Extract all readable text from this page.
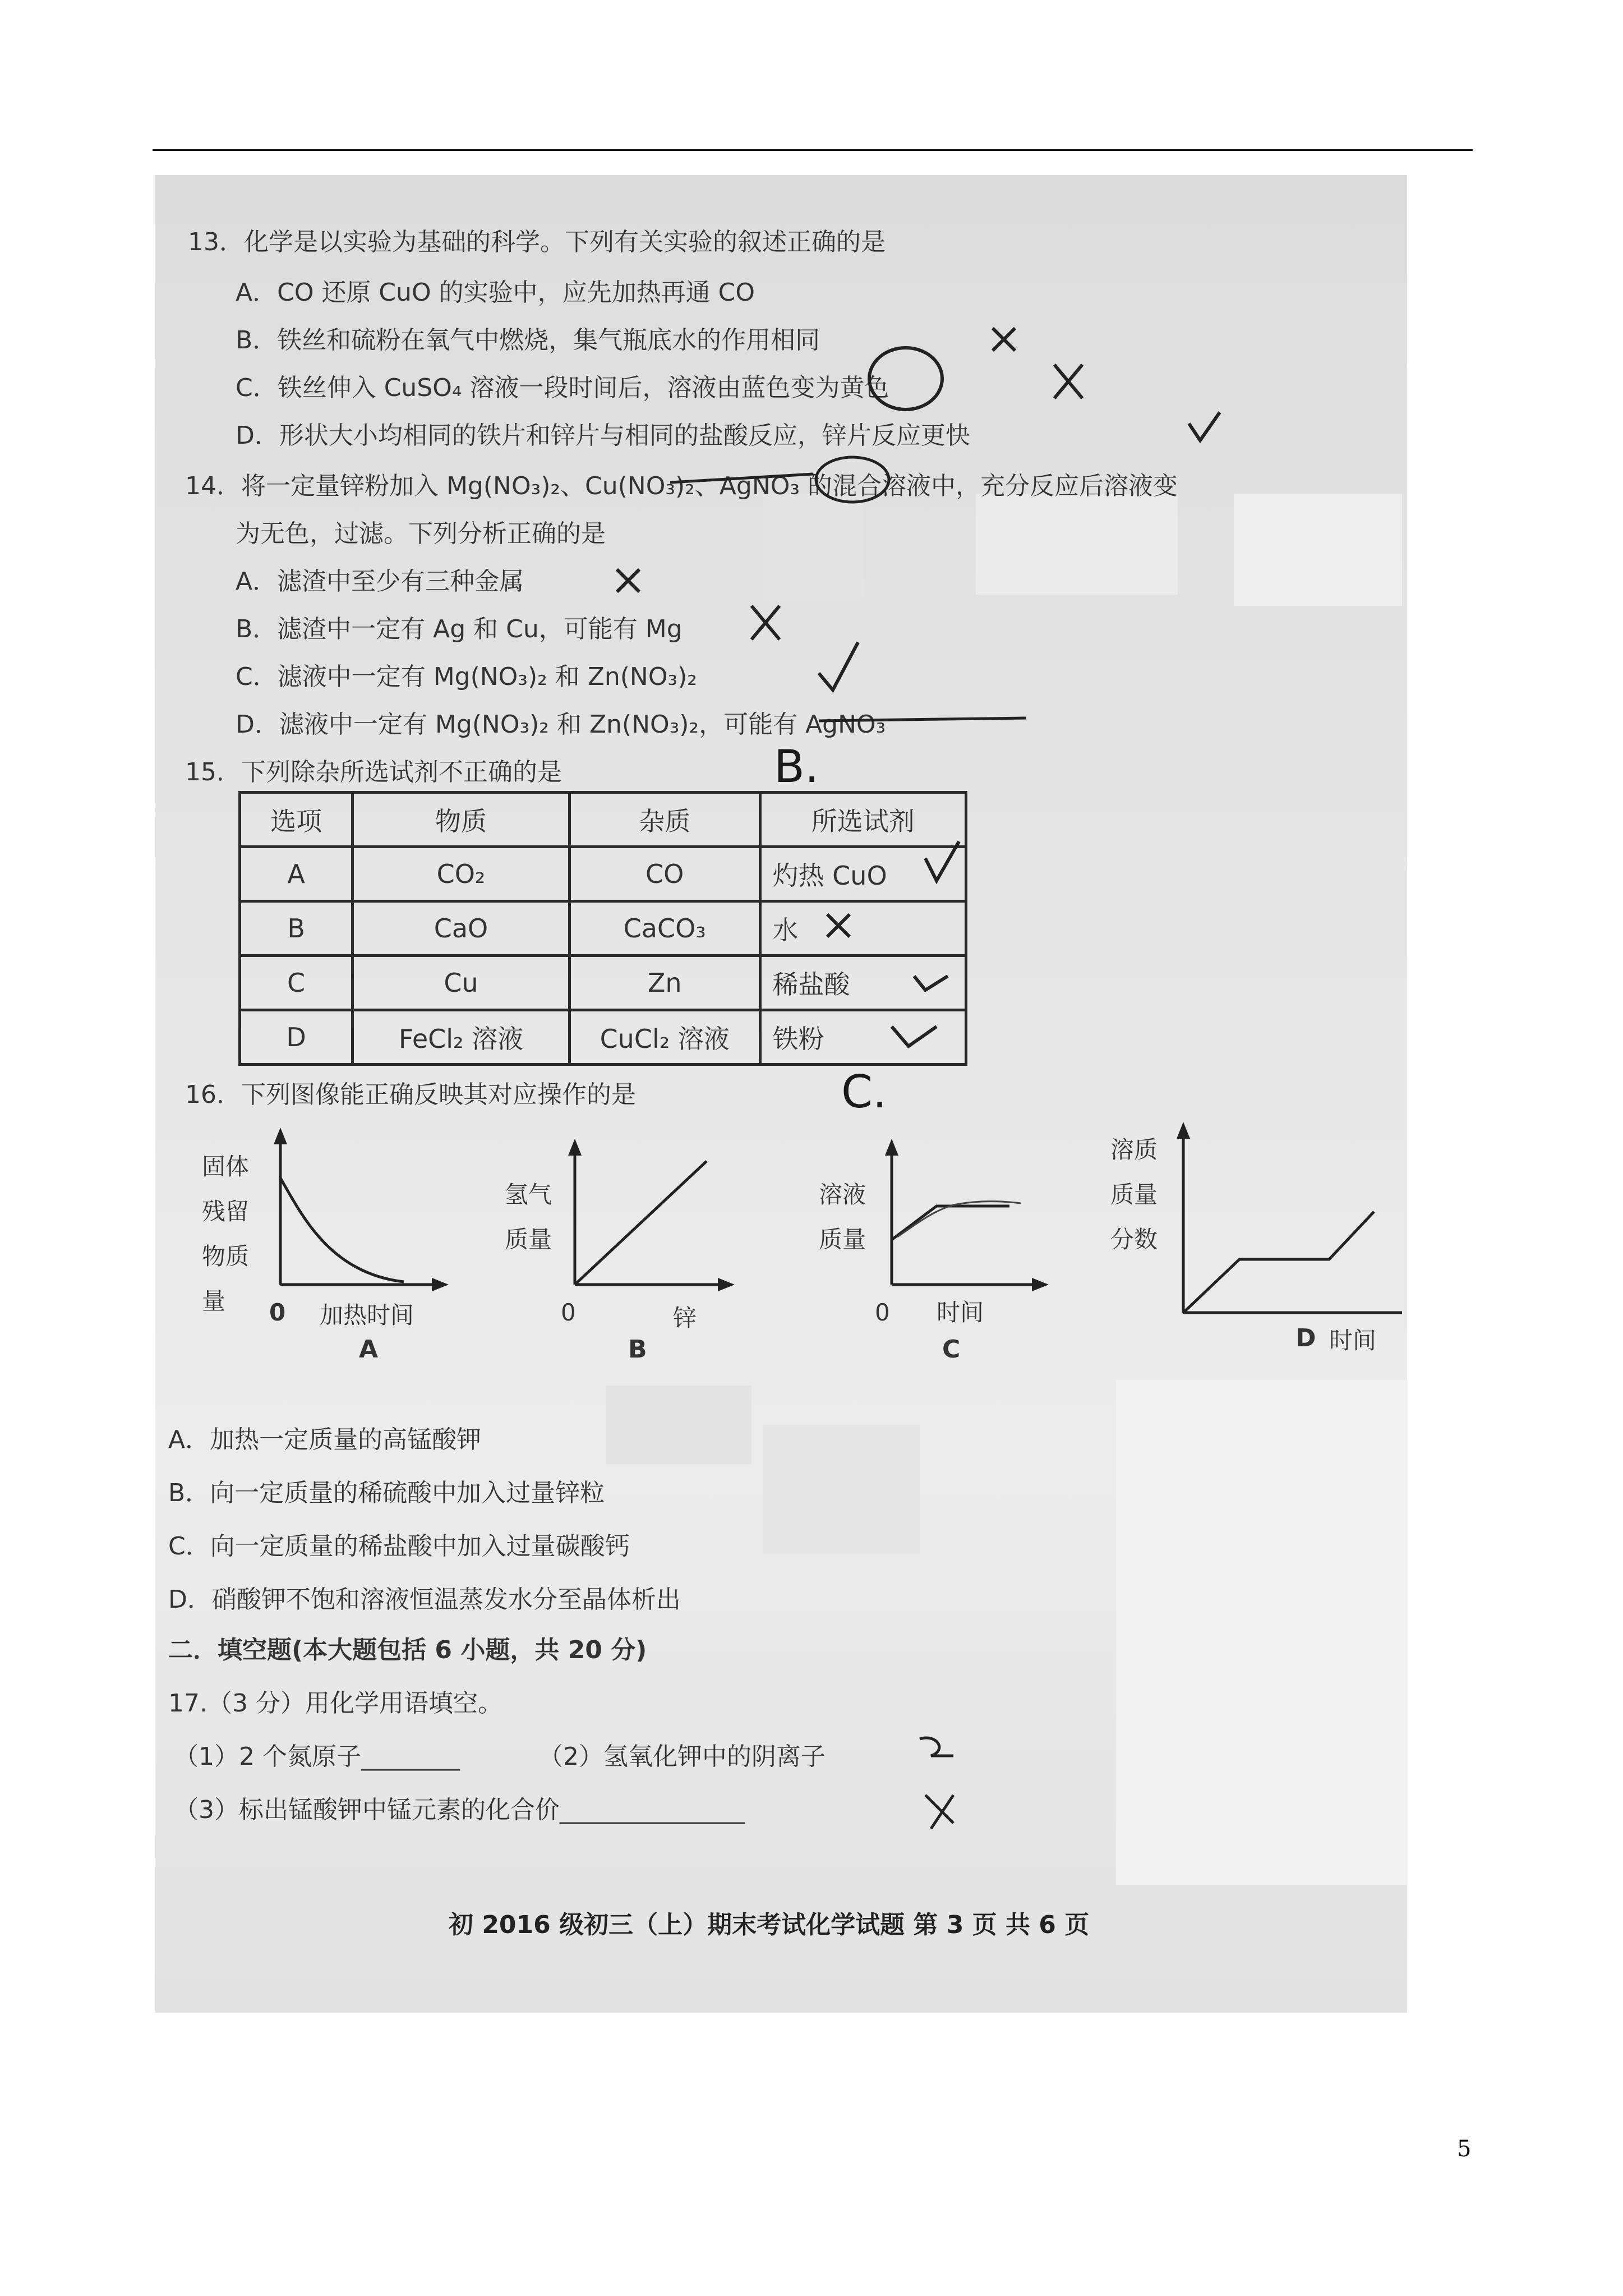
13．化学是以实验为基础的科学。下列有关实验的叙述正确的是
A．CO 还原 CuO 的实验中，应先加热再通 CO
B．铁丝和硫粉在氧气中燃烧，集气瓶底水的作用相同
C．铁丝伸入 CuSO₄ 溶液一段时间后，溶液由蓝色变为黄色
D．形状大小均相同的铁片和锌片与相同的盐酸反应，锌片反应更快
14．将一定量锌粉加入 Mg(NO₃)₂、Cu(NO₃)₂、AgNO₃ 的混合溶液中，充分反应后溶液变
为无色，过滤。下列分析正确的是
A．滤渣中至少有三种金属
B．滤渣中一定有 Ag 和 Cu，可能有 Mg
C．滤液中一定有 Mg(NO₃)₂ 和 Zn(NO₃)₂
D．滤液中一定有 Mg(NO₃)₂ 和 Zn(NO₃)₂，可能有 AgNO₃
15．下列除杂所选试剂不正确的是
选项	物质	杂质	所选试剂
A	CO₂	CO	灼热 CuO
B	CaO	CaCO₃	水
C	Cu	Zn	稀盐酸
D	FeCl₂ 溶液	CuCl₂ 溶液	铁粉
16．下列图像能正确反映其对应操作的是
固体
残留
物质
量 0 加热时间
A
氢气
质量
0	锌
B
溶液
质量
0 时间
C
溶质
质量
分数
时间
D
A．加热一定质量的高锰酸钾
B．向一定质量的稀硫酸中加入过量锌粒
C．向一定质量的稀盐酸中加入过量碳酸钙
D．硝酸钾不饱和溶液恒温蒸发水分至晶体析出
二．填空题(本大题包括 6 小题，共 20 分)
17.（3 分）用化学用语填空。
（1）2 个氮原子________	（2）氢氧化钾中的阴离子
（3）标出锰酸钾中锰元素的化合价_______________
B.
C.
初 2016 级初三（上）期末考试化学试题 第 3 页 共 6 页
5
